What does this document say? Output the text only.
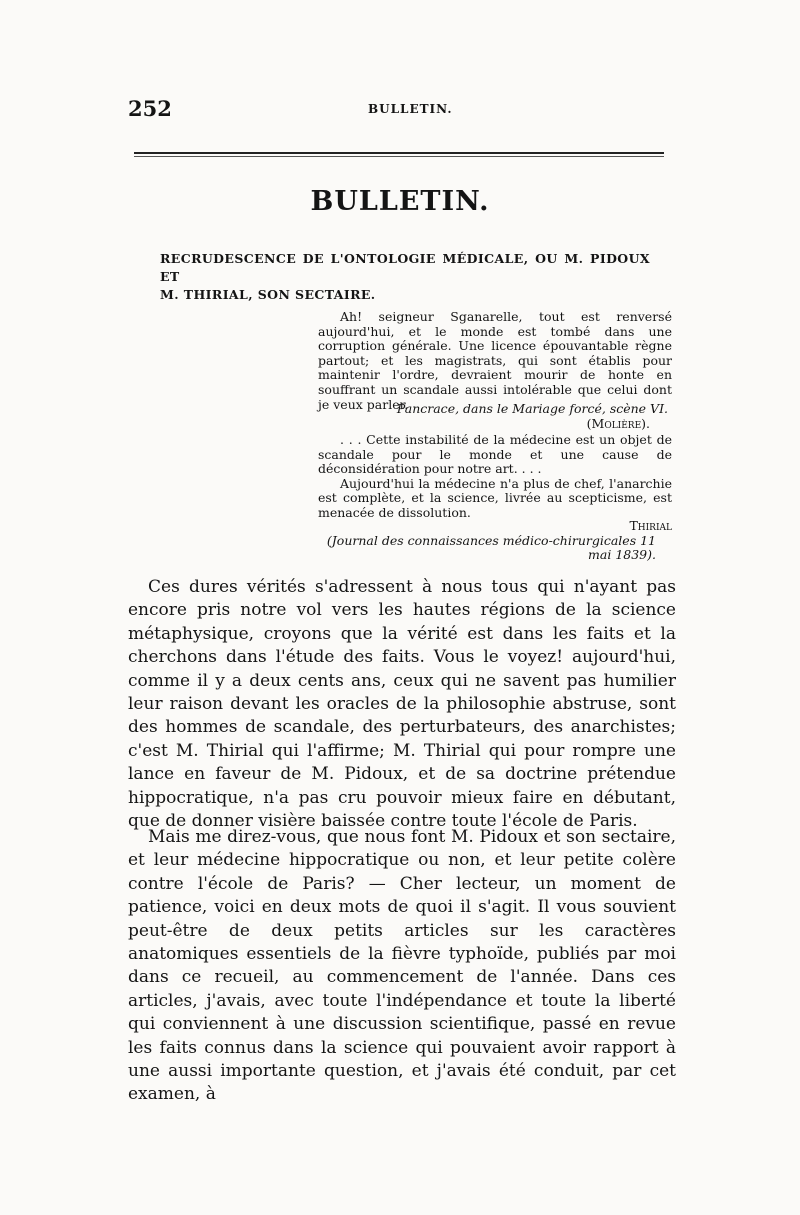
252	BULLETIN.
BULLETIN.
RECRUDESCENCE DE L'ONTOLOGIE MÉDICALE, OU M. PIDOUX ET
M. THIRIAL, SON SECTAIRE.
Ah! seigneur Sganarelle, tout est renversé aujourd'hui, et le monde est tombé dans une corruption générale. Une licence épouvantable règne partout; et les magistrats, qui sont établis pour maintenir l'ordre, devraient mourir de honte en souffrant un scandale aussi intolérable que celui dont je veux parler.
Pancrace, dans le Mariage forcé, scène VI.
(Molière).
. . . Cette instabilité de la médecine est un objet de scandale pour le monde et une cause de déconsidération pour notre art. . . .
Aujourd'hui la médecine n'a plus de chef, l'anarchie est complète, et la science, livrée au scepticisme, est menacée de dissolution.
Thirial
(Journal des connaissances médico-chirurgicales 11 mai 1839).
Ces dures vérités s'adressent à nous tous qui n'ayant pas encore pris notre vol vers les hautes régions de la science métaphysique, croyons que la vérité est dans les faits et la cherchons dans l'étude des faits. Vous le voyez! aujourd'hui, comme il y a deux cents ans, ceux qui ne savent pas humilier leur raison devant les oracles de la philosophie abstruse, sont des hommes de scandale, des perturbateurs, des anarchistes; c'est M. Thirial qui l'affirme; M. Thirial qui pour rompre une lance en faveur de M. Pidoux, et de sa doctrine prétendue hippocratique, n'a pas cru pouvoir mieux faire en débutant, que de donner visière baissée contre toute l'école de Paris.
Mais me direz-vous, que nous font M. Pidoux et son sectaire, et leur médecine hippocratique ou non, et leur petite colère contre l'école de Paris? — Cher lecteur, un moment de patience, voici en deux mots de quoi il s'agit. Il vous souvient peut-être de deux petits articles sur les caractères anatomiques essentiels de la fièvre typhoïde, publiés par moi dans ce recueil, au commencement de l'année. Dans ces articles, j'avais, avec toute l'indépendance et toute la liberté qui conviennent à une discussion scientifique, passé en revue les faits connus dans la science qui pouvaient avoir rapport à une aussi importante question, et j'avais été conduit, par cet examen, à
